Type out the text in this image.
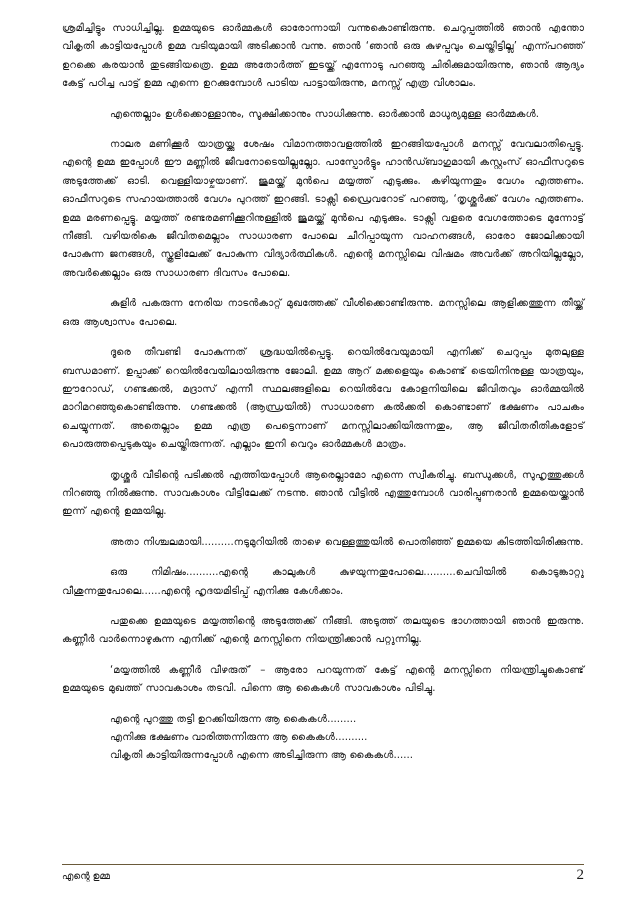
ശ്രമിച്ചിട്ടും സാധിച്ചില്ല. ഉമ്മയുടെ ഓർമ്മകൾ ഓരോന്നായി വന്നുകൊണ്ടിരുന്നു. ചെറുപ്പത്തിൽ ഞാൻ എന്തോ വികൃതി കാട്ടിയപ്പോൾ ഉമ്മ വടിയുമായി അടിക്കാൻ വന്നു. ഞാൻ ‘ഞാൻ ഒരു കുഴപ്പവും ചെയ്തിട്ടില്ല’ എന്ന്പറഞ്ഞ് ഉറക്കെ കരയാൻ തുടങ്ങിയത്രെ. ഉമ്മ അതോർത്ത് ഇടയ്ക്ക് എന്നോടു പറഞ്ഞു ചിരിക്കുമായിരുന്നു, ഞാൻ ആദ്യം കേട്ട് പഠിച്ച പാട്ട് ഉമ്മ എന്നെ ഉറക്കുമ്പോൾ പാടിയ പാട്ടായിരുന്നു, മനസ്സ് എത്ര വിശാലം.

എന്തെല്ലാം ഉൾക്കൊള്ളാനും, സൂക്ഷിക്കാനും സാധിക്കുന്നു. ഓർക്കാൻ മാധുര്യമുള്ള ഓർമ്മകൾ.

നാലര മണിക്കൂർ യാത്രയ്ക്കു ശേഷം വിമാനത്താവളത്തിൽ ഇറങ്ങിയപ്പോൾ മനസ്സ് വേവലാതിപ്പെട്ടു. എന്റെ ഉമ്മ ഇപ്പോൾ ഈ മണ്ണിൽ ജീവനോടെയില്ലല്ലോ. പാസ്പോർട്ടും ഹാൻഡ്ബാഗുമായി കസ്റ്റംസ് ഓഫീസറുടെ അടുത്തേക്ക് ഓടി. വെള്ളിയാഴ്ചയാണ്. ജുമയ്ക്ക് മുൻപെ മയ്യത്ത് എടുക്കും. കഴിയുന്നതും വേഗം എത്തണം. ഓഫീസറുടെ സഹായത്താൽ വേഗം പുറത്ത് ഇറങ്ങി. ടാക്സി ഡ്രൈവറോട് പറഞ്ഞു, ‘തൃശ്ശൂർക്ക് വേഗം എത്തണം. ഉമ്മ മരണപ്പെട്ടു. മയ്യത്ത് രണ്ടരമണിക്കൂറിനുള്ളിൽ ജുമയ്ക്ക് മുൻപെ എടുക്കും. ടാക്സി വളരെ വേഗത്തോടെ മുന്നോട്ട് നീങ്ങി. വഴിയരികെ ജീവിതമെല്ലാം സാധാരണ പോലെ ചീറിപ്പായുന്ന വാഹനങ്ങൾ, ഓരോ ജോലിക്കായി പോകുന്ന ജനങ്ങൾ, സ്കൂളിലേക്ക് പോകുന്ന വിദ്യാർത്ഥികൾ. എന്റെ മനസ്സിലെ വിഷമം അവർക്ക് അറിയില്ലല്ലോ, അവർക്കെല്ലാം ഒരു സാധാരണ ദിവസം പോലെ.

കുളിർ പകരുന്ന നേരിയ നാടൻകാറ്റ് മുഖത്തേക്ക് വീശിക്കൊണ്ടിരുന്നു. മനസ്സിലെ ആളിക്കത്തുന്ന തീയ്ക്ക് ഒരു ആശ്വാസം പോലെ.

ദൂരെ തീവണ്ടി പോകുന്നത് ശ്രദ്ധയിൽപ്പെട്ടു. റെയിൽവേയുമായി എനിക്ക് ചെറുപ്പം മുതലുള്ള ബന്ധമാണ്. ഉപ്പാക്ക് റെയിൽവേയിലായിരുന്നു ജോലി. ഉമ്മ ആറ് മക്കളെയും കൊണ്ട് ട്രെയിനിനുള്ള യാത്രയും, ഈറോഡ്, ഗണ്ടക്കൽ, മദ്രാസ് എന്നീ സ്ഥലങ്ങളിലെ റെയിൽവേ കോളനിയിലെ ജീവിതവും ഓർമ്മയിൽ മാറിമറഞ്ഞുകൊണ്ടിരുന്നു. ഗണ്ടക്കൽ (ആന്ധ്രയിൽ) സാധാരണ കൽക്കരി കൊണ്ടാണ് ഭക്ഷണം പാചകം ചെയ്യുന്നത്. അതെല്ലാം ഉമ്മ എത്ര പെട്ടെന്നാണ് മനസ്സിലാക്കിയിരുന്നതും, ആ ജീവിതരീതികളോട് പൊരുത്തപ്പെടുകയും ചെയ്തിരുന്നത്. എല്ലാം ഇനി വെറും ഓർമ്മകൾ മാത്രം.

തൃശ്ശൂർ വീടിന്റെ പടിക്കൽ എത്തിയപ്പോൾ ആരെല്ലാമോ എന്നെ സ്വീകരിച്ചു. ബന്ധുക്കൾ, സുഹൃത്തുക്കൾ നിറഞ്ഞു നിൽക്കുന്നു. സാവകാശം വീട്ടിലേക്ക് നടന്നു. ഞാൻ വീട്ടിൽ എത്തുമ്പോൾ വാരിപ്പുണരാൻ ഉമ്മയെയ്ക്കാൻ ഇന്ന് എന്റെ ഉമ്മയില്ല.

അതാ നിശ്ചലമായി..........നടുമുറിയിൽ താഴെ വെള്ളത്തുയിൽ പൊതിഞ്ഞ് ഉമ്മയെ കിടത്തിയിരിക്കുന്നു.

ഒരു നിമിഷം..........എന്റെ കാലുകൾ കുഴയുന്നതുപോലെ..........ചെവിയിൽ കൊടുങ്കാറ്റു വീശുന്നതുപോലെ......എന്റെ ഹൃദയമിടിപ്പ് എനിക്കു കേൾക്കാം.

പതുക്കെ ഉമ്മയുടെ മയ്യത്തിന്റെ അടുത്തേക്ക് നീങ്ങി. അടുത്ത് തലയുടെ ഭാഗത്തായി ഞാൻ ഇരുന്നു. കണ്ണീർ വാർന്നൊഴുകുന്ന എനിക്ക് എന്റെ മനസ്സിനെ നിയന്ത്രിക്കാൻ പറ്റുന്നില്ല.

‘മയ്യത്തിൽ കണ്ണീർ വീഴരുത്’ – ആരോ പറയുന്നത് കേട്ട് എന്റെ മനസ്സിനെ നിയന്ത്രിച്ചുകൊണ്ട് ഉമ്മയുടെ മുഖത്ത് സാവകാശം തടവി. പിന്നെ ആ കൈകൾ സാവകാശം പിടിച്ചു.

എന്റെ പുറത്തു തട്ടി ഉറക്കിയിരുന്ന ആ കൈകൾ.........
എനിക്കു ഭക്ഷണം വാരിത്തന്നിരുന്ന ആ കൈകൾ..........
വികൃതി കാട്ടിയിരുന്നപ്പോൾ എന്നെ അടിച്ചിരുന്ന ആ കൈകൾ......
എന്റെ ഉമ്മ	2
